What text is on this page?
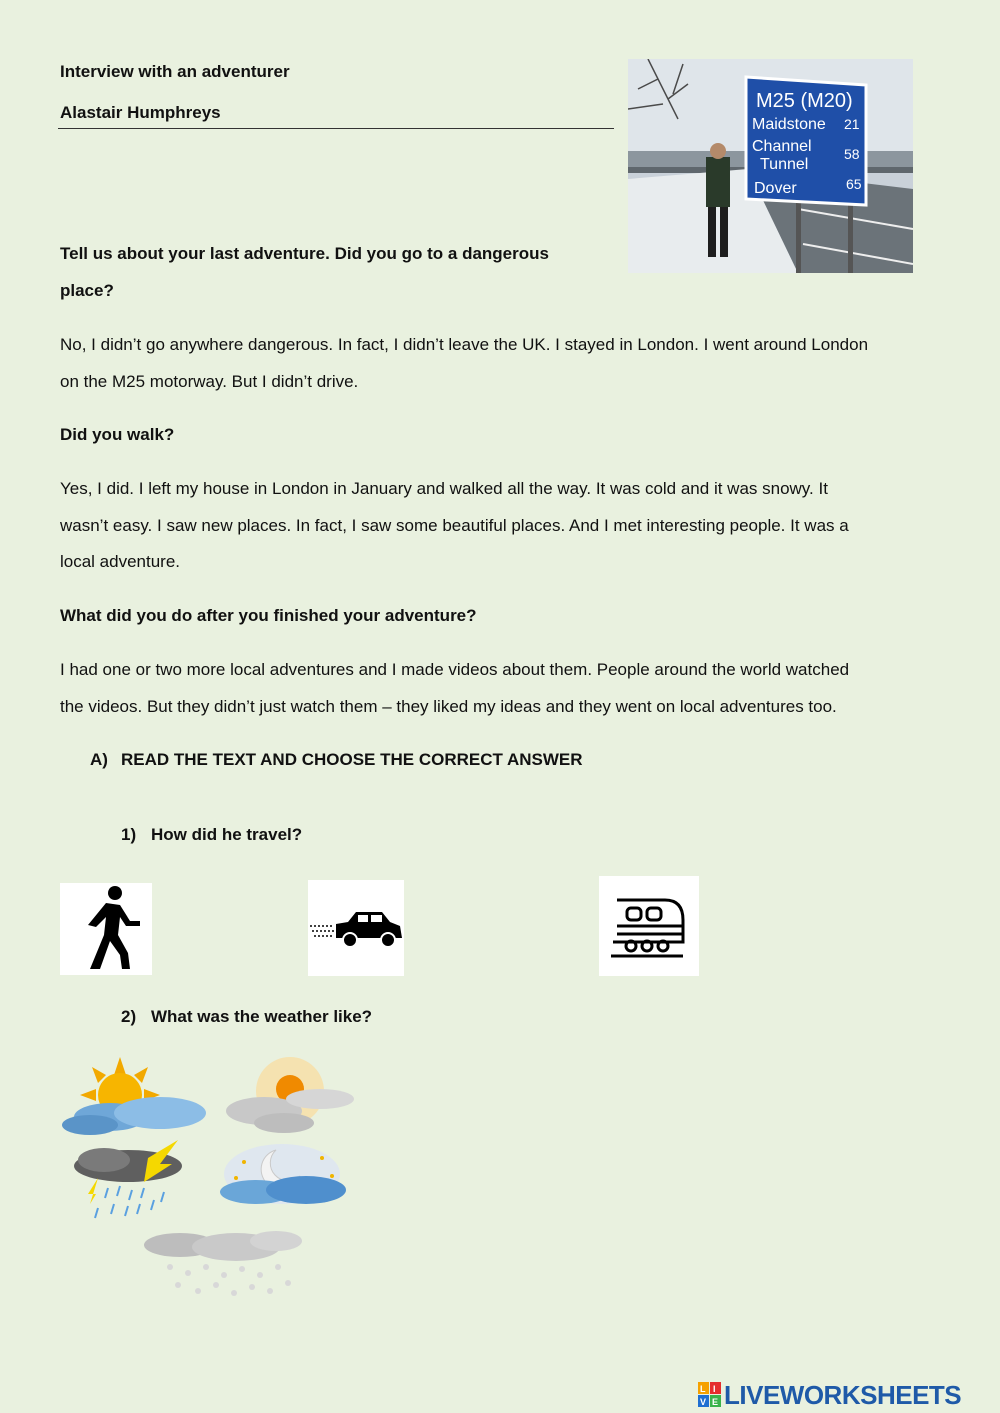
Interview with an adventurer
Alastair Humphreys
M25 (M20)
Maidstone 21
Channel
Tunnel
58
Dover	65
Tell us about your last adventure. Did you go to a dangerous
place?
No, I didn’t go anywhere dangerous. In fact, I didn’t leave the UK. I stayed in London. I went around London
on the M25 motorway. But I didn’t drive.
Did you walk?
Yes, I did. I left my house in London in January and walked all the way. It was cold and it was snowy. It
wasn’t easy. I saw new places. In fact, I saw some beautiful places. And I met interesting people. It was a
local adventure.
What did you do after you finished your adventure?
I had one or two more local adventures and I made videos about them. People around the world watched
the videos. But they didn’t just watch them – they liked my ideas and they went on local adventures too.
A) READ THE TEXT AND CHOOSE THE CORRECT ANSWER
1) How did he travel?
2) What was the weather like?
L I
V E LIVEWORKSHEETS
